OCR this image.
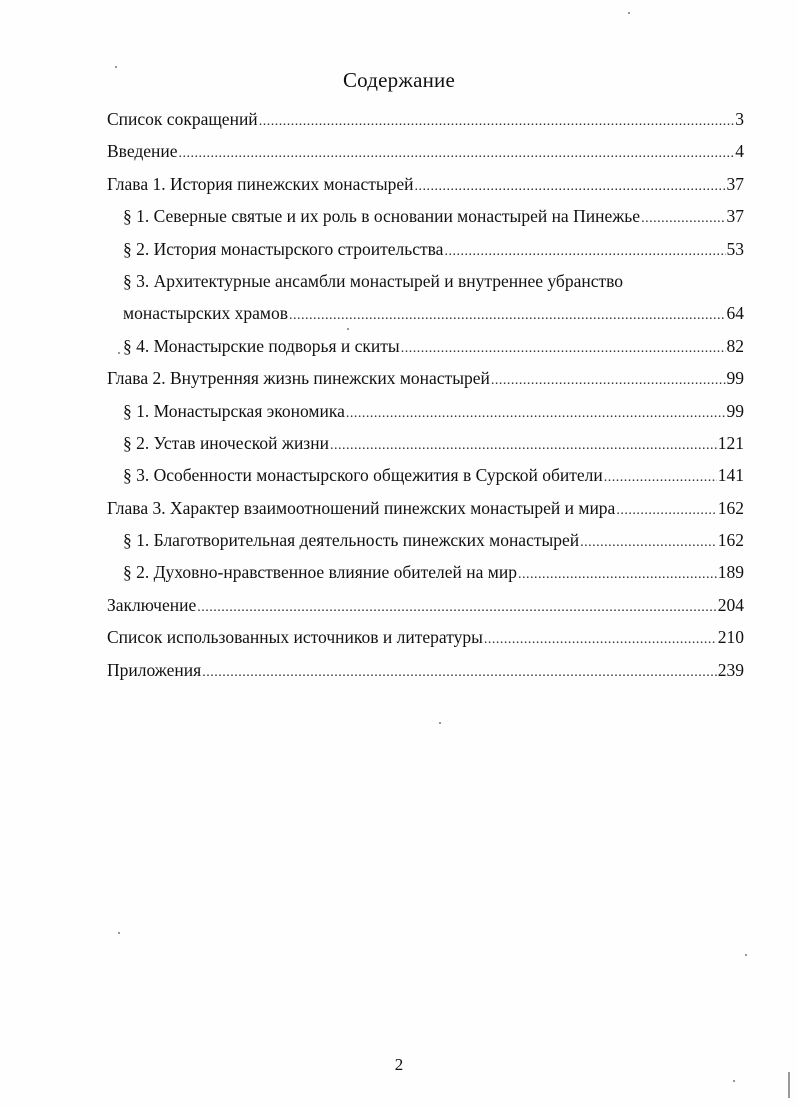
Содержание
Список сокращений .....	3
Введение .....	4
Глава 1. История пинежских монастырей .....	37
§ 1. Северные святые и их роль в основании монастырей на Пинежье .....	37
§ 2. История монастырского строительства .....	53
§ 3. Архитектурные ансамбли монастырей и внутреннее убранство
монастырских храмов .....	64
§ 4. Монастырские подворья и скиты .....	82
Глава 2. Внутренняя жизнь пинежских монастырей .....	99
§ 1. Монастырская экономика .....	99
§ 2. Устав иноческой жизни .....	121
§ 3. Особенности монастырского общежития в Сурской обители .....	141
Глава 3. Характер взаимоотношений пинежских монастырей и мира .....	162
§ 1. Благотворительная деятельность пинежских монастырей .....	162
§ 2. Духовно-нравственное влияние обителей на мир .....	189
Заключение .....	204
Список использованных источников и литературы .....	210
Приложения .....	239
2
